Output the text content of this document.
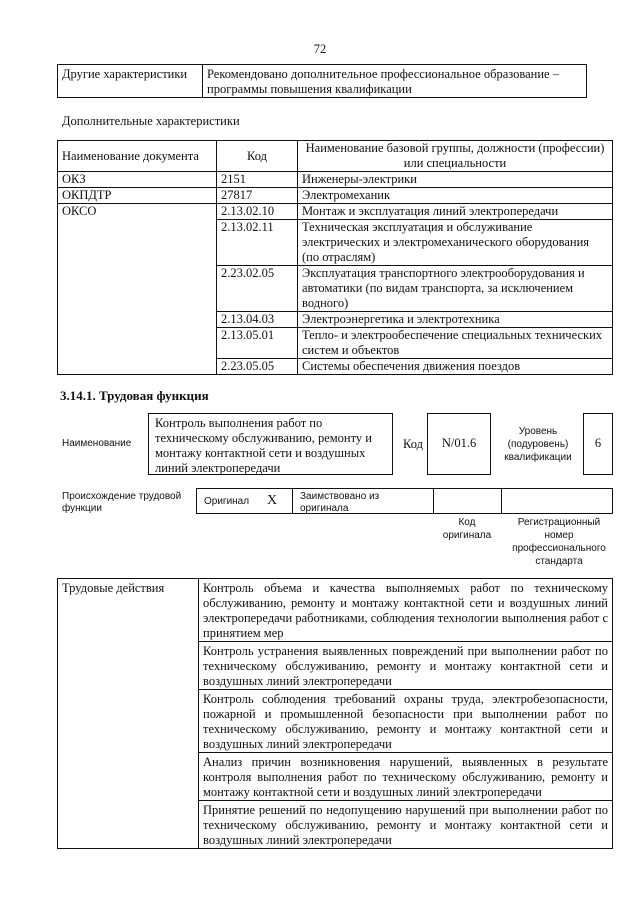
72
Другие характеристики	Рекомендовано дополнительное профессиональное образование – программы повышения квалификации
Дополнительные характеристики
Наименование документа	Код	Наименование базовой группы, должности (профессии) или специальности
ОКЗ	2151	Инженеры-электрики
ОКПДТР	27817	Электромеханик
ОКСО	2.13.02.10	Монтаж и эксплуатация линий электропередачи
	2.13.02.11	Техническая эксплуатация и обслуживание электрических и электромеханического оборудования (по отраслям)
	2.23.02.05	Эксплуатация транспортного электрооборудования и автоматики (по видам транспорта, за исключением водного)
	2.13.04.03	Электроэнергетика и электротехника
	2.13.05.01	Тепло- и электрообеспечение специальных технических систем и объектов
	2.23.05.05	Системы обеспечения движения поездов
3.14.1. Трудовая функция
Наименование
Контроль выполнения работ по техническому обслуживанию, ремонту и монтажу контактной сети и воздушных линий электропередачи
Код	N/01.6
Уровень (подуровень) квалификации
6
Происхождение трудовой функции
Оригинал X	Заимствовано из оригинала
Код оригинала
Регистрационный номер профессионального стандарта
Трудовые действия	Контроль объема и качества выполняемых работ по техническому обслуживанию, ремонту и монтажу контактной сети и воздушных линий электропередачи работниками, соблюдения технологии выполнения работ с принятием мер
Контроль устранения выявленных повреждений при выполнении работ по техническому обслуживанию, ремонту и монтажу контактной сети и воздушных линий электропередачи
Контроль соблюдения требований охраны труда, электробезопасности, пожарной и промышленной безопасности при выполнении работ по техническому обслуживанию, ремонту и монтажу контактной сети и воздушных линий электропередачи
Анализ причин возникновения нарушений, выявленных в результате контроля выполнения работ по техническому обслуживанию, ремонту и монтажу контактной сети и воздушных линий электропередачи
Принятие решений по недопущению нарушений при выполнении работ по техническому обслуживанию, ремонту и монтажу контактной сети и воздушных линий электропередачи
